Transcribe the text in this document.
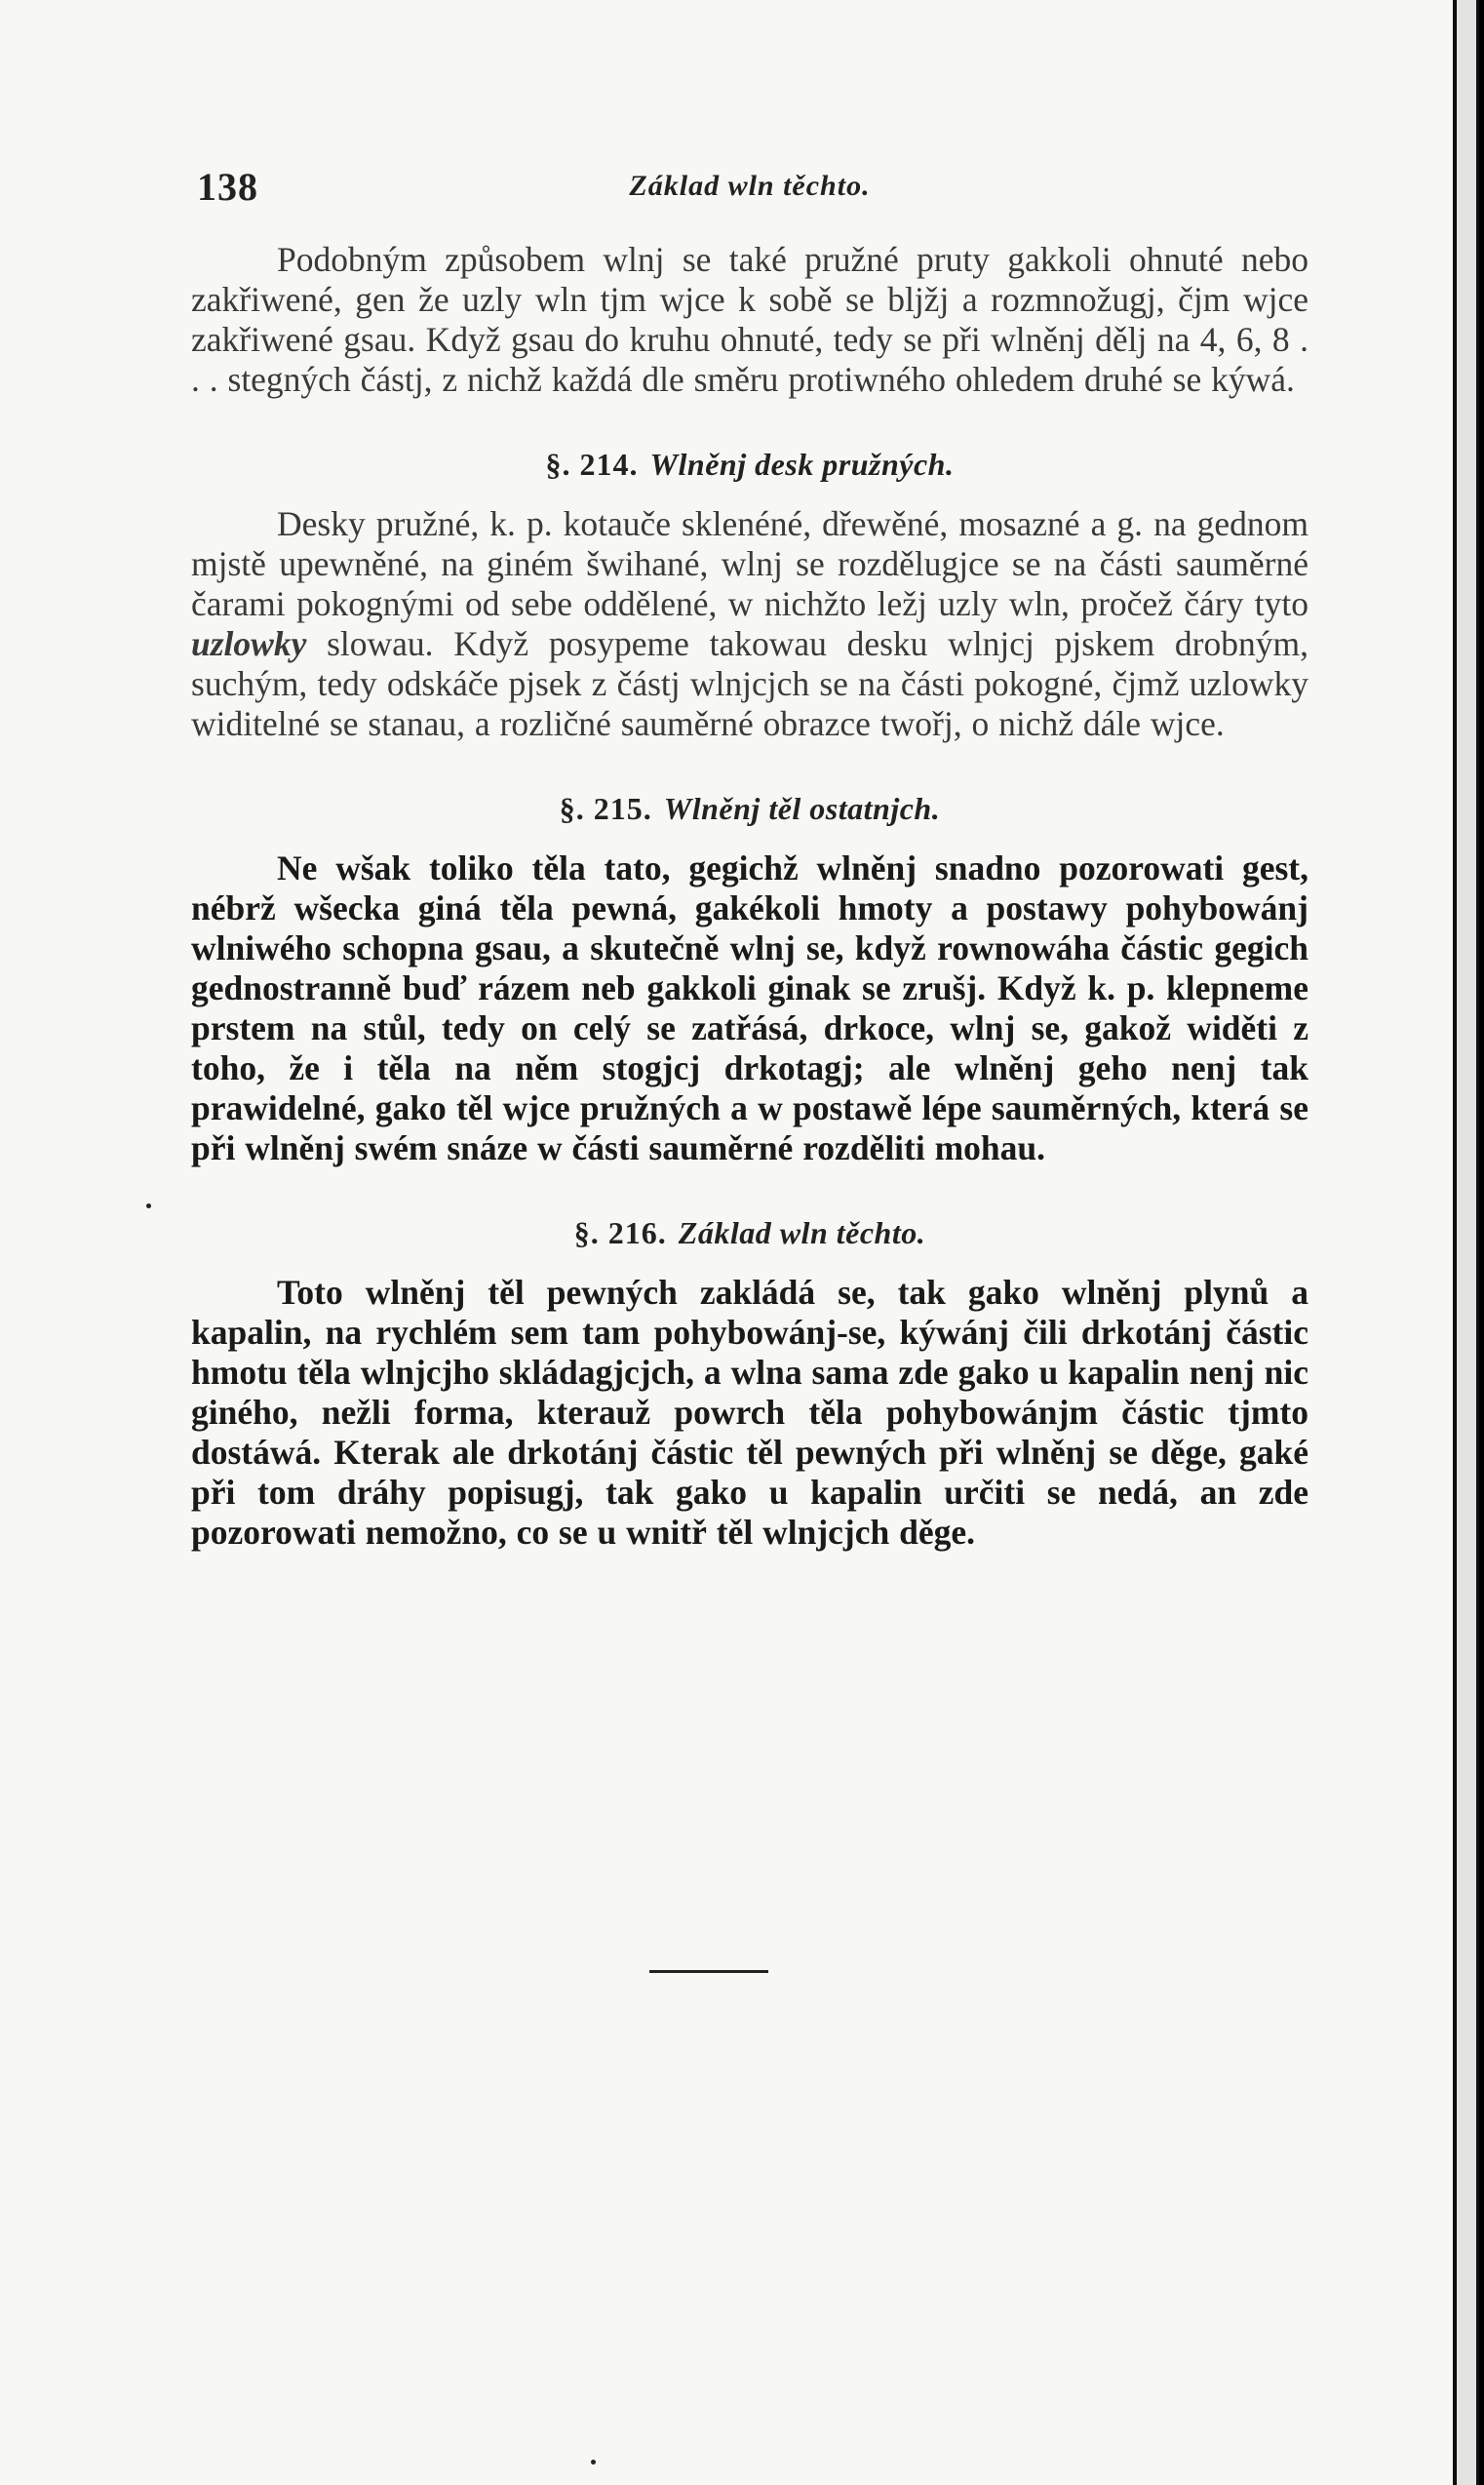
138	Základ wln těchto.

Podobným způsobem wlnj se také pružné pruty gakkoli ohnuté nebo zakřiwené, gen že uzly wln tjm wjce k sobě se bljžj a rozmnožugj, čjm wjce zakřiwené gsau. Když gsau do kruhu ohnuté, tedy se při wlněnj dělj na 4, 6, 8 . . . stegných částj, z nichž každá dle směru protiwného ohledem druhé se kýwá.

§. 214. Wlněnj desk pružných.

Desky pružné, k. p. kotauče sklenéné, dřewěné, mosazné a g. na gednom mjstě upewněné, na giném šwihané, wlnj se rozdělugjce se na části sauměrné čarami pokognými od sebe oddělené, w nichžto ležj uzly wln, pročež čáry tyto uzlowky slowau. Když posypeme takowau desku wlnjcj pjskem drobným, suchým, tedy odskáče pjsek z částj wlnjcjch se na části pokogné, čjmž uzlowky widitelné se stanau, a rozličné sauměrné obrazce twořj, o nichž dále wjce.

§. 215. Wlněnj těl ostatnjch.

Ne wšak toliko těla tato, gegichž wlněnj snadno pozorowati gest, nébrž wšecka giná těla pewná, gakékoli hmoty a postawy pohybowánj wlniwého schopna gsau, a skutečně wlnj se, když rownowáha částic gegich gednostranně buď rázem neb gakkoli ginak se zrušj. Když k. p. klepneme prstem na stůl, tedy on celý se zatřásá, drkoce, wlnj se, gakož widěti z toho, že i těla na něm stogjcj drkotagj; ale wlněnj geho nenj tak prawidelné, gako těl wjce pružných a w postawě lépe sauměrných, která se při wlněnj swém snáze w části sauměrné rozděliti mohau.

§. 216. Základ wln těchto.

Toto wlněnj těl pewných zakládá se, tak gako wlněnj plynů a kapalin, na rychlém sem tam pohybowánj-se, kýwánj čili drkotánj částic hmotu těla wlnjcjho skládagjcjch, a wlna sama zde gako u kapalin nenj nic giného, nežli forma, kterauž powrch těla pohybowánjm částic tjmto dostáwá. Kterak ale drkotánj částic těl pewných při wlněnj se děge, gaké při tom dráhy popisugj, tak gako u kapalin určiti se nedá, an zde pozorowati nemožno, co se u wnitř těl wlnjcjch děge.
